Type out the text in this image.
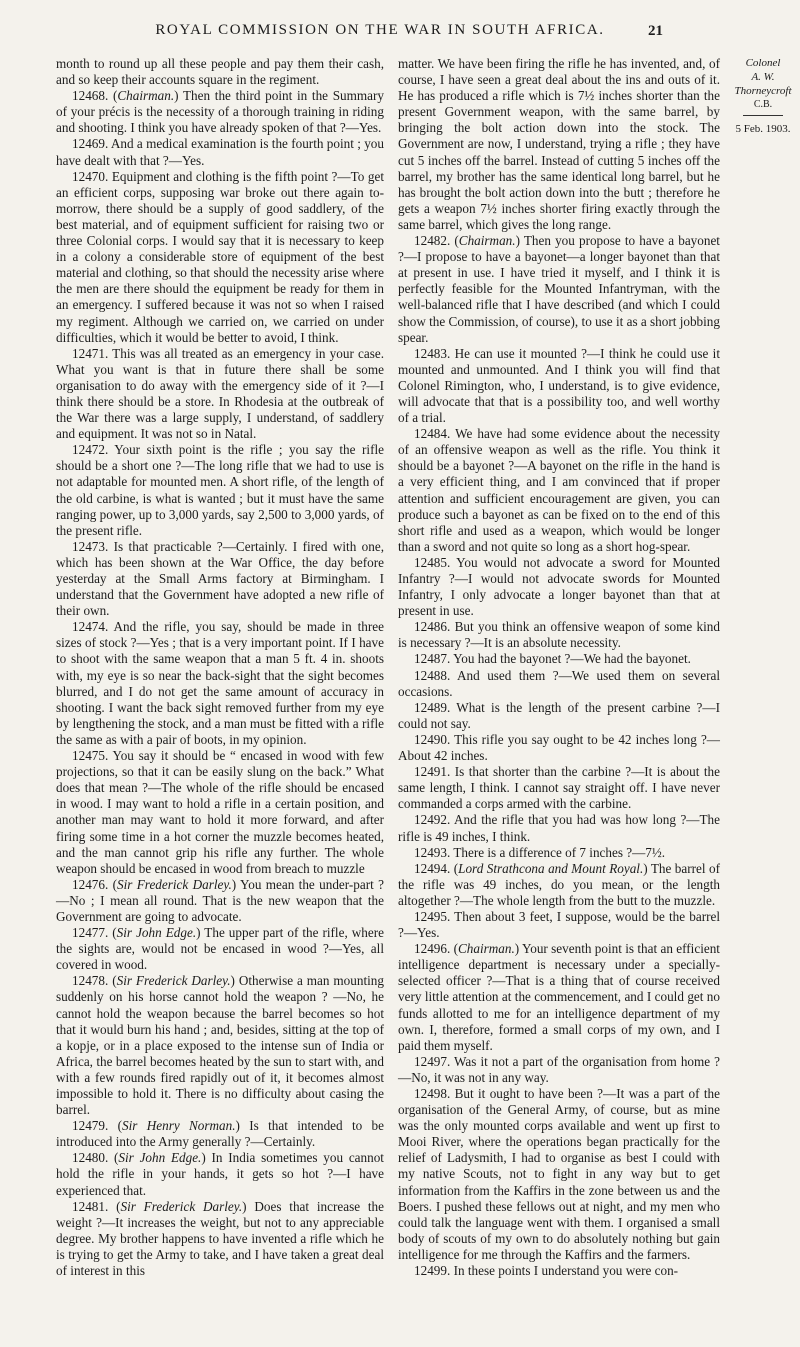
ROYAL COMMISSION ON THE WAR IN SOUTH AFRICA.	21

month to round up all these people and pay them their cash, and so keep their accounts square in the regiment.

12468. (Chairman.) Then the third point in the Summary of your précis is the necessity of a thorough training in riding and shooting. I think you have already spoken of that ?—Yes.

12469. And a medical examination is the fourth point ; you have dealt with that ?—Yes.

12470. Equipment and clothing is the fifth point ?—To get an efficient corps, supposing war broke out there again to-morrow, there should be a supply of good saddlery, of the best material, and of equipment sufficient for raising two or three Colonial corps. I would say that it is necessary to keep in a colony a considerable store of equipment of the best material and clothing, so that should the necessity arise where the men are there should the equipment be ready for them in an emergency. I suffered because it was not so when I raised my regiment. Although we carried on, we carried on under difficulties, which it would be better to avoid, I think.

12471. This was all treated as an emergency in your case. What you want is that in future there shall be some organisation to do away with the emergency side of it ?—I think there should be a store. In Rhodesia at the outbreak of the War there was a large supply, I understand, of saddlery and equipment. It was not so in Natal.

12472. Your sixth point is the rifle ; you say the rifle should be a short one ?—The long rifle that we had to use is not adaptable for mounted men. A short rifle, of the length of the old carbine, is what is wanted ; but it must have the same ranging power, up to 3,000 yards, say 2,500 to 3,000 yards, of the present rifle.

12473. Is that practicable ?—Certainly. I fired with one, which has been shown at the War Office, the day before yesterday at the Small Arms factory at Birmingham. I understand that the Government have adopted a new rifle of their own.

12474. And the rifle, you say, should be made in three sizes of stock ?—Yes ; that is a very important point. If I have to shoot with the same weapon that a man 5 ft. 4 in. shoots with, my eye is so near the back-sight that the sight becomes blurred, and I do not get the same amount of accuracy in shooting. I want the back sight removed further from my eye by lengthening the stock, and a man must be fitted with a rifle the same as with a pair of boots, in my opinion.

12475. You say it should be “ encased in wood with few projections, so that it can be easily slung on the back.” What does that mean ?—The whole of the rifle should be encased in wood. I may want to hold a rifle in a certain position, and another man may want to hold it more forward, and after firing some time in a hot corner the muzzle becomes heated, and the man cannot grip his rifle any further. The whole weapon should be encased in wood from breach to muzzle

12476. (Sir Frederick Darley.) You mean the under-part ?—No ; I mean all round. That is the new weapon that the Government are going to advocate.

12477. (Sir John Edge.) The upper part of the rifle, where the sights are, would not be encased in wood ?—Yes, all covered in wood.

12478. (Sir Frederick Darley.) Otherwise a man mounting suddenly on his horse cannot hold the weapon ? —No, he cannot hold the weapon because the barrel becomes so hot that it would burn his hand ; and, besides, sitting at the top of a kopje, or in a place exposed to the intense sun of India or Africa, the barrel becomes heated by the sun to start with, and with a few rounds fired rapidly out of it, it becomes almost impossible to hold it. There is no difficulty about casing the barrel.

12479. (Sir Henry Norman.) Is that intended to be introduced into the Army generally ?—Certainly.

12480. (Sir John Edge.) In India sometimes you cannot hold the rifle in your hands, it gets so hot ?—I have experienced that.

12481. (Sir Frederick Darley.) Does that increase the weight ?—It increases the weight, but not to any appreciable degree. My brother happens to have invented a rifle which he is trying to get the Army to take, and I have taken a great deal of interest in this

matter. We have been firing the rifle he has invented, and, of course, I have seen a great deal about the ins and outs of it. He has produced a rifle which is 7½ inches shorter than the present Government weapon, with the same barrel, by bringing the bolt action down into the stock. The Government are now, I understand, trying a rifle ; they have cut 5 inches off the barrel. Instead of cutting 5 inches off the barrel, my brother has the same identical long barrel, but he has brought the bolt action down into the butt ; therefore he gets a weapon 7½ inches shorter firing exactly through the same barrel, which gives the long range.

12482. (Chairman.) Then you propose to have a bayonet ?—I propose to have a bayonet—a longer bayonet than that at present in use. I have tried it myself, and I think it is perfectly feasible for the Mounted Infantryman, with the well-balanced rifle that I have described (and which I could show the Commission, of course), to use it as a short jobbing spear.

12483. He can use it mounted ?—I think he could use it mounted and unmounted. And I think you will find that Colonel Rimington, who, I understand, is to give evidence, will advocate that that is a possibility too, and well worthy of a trial.

12484. We have had some evidence about the necessity of an offensive weapon as well as the rifle. You think it should be a bayonet ?—A bayonet on the rifle in the hand is a very efficient thing, and I am convinced that if proper attention and sufficient encouragement are given, you can produce such a bayonet as can be fixed on to the end of this short rifle and used as a weapon, which would be longer than a sword and not quite so long as a short hog-spear.

12485. You would not advocate a sword for Mounted Infantry ?—I would not advocate swords for Mounted Infantry, I only advocate a longer bayonet than that at present in use.

12486. But you think an offensive weapon of some kind is necessary ?—It is an absolute necessity.

12487. You had the bayonet ?—We had the bayonet.

12488. And used them ?—We used them on several occasions.

12489. What is the length of the present carbine ?—I could not say.

12490. This rifle you say ought to be 42 inches long ?—About 42 inches.

12491. Is that shorter than the carbine ?—It is about the same length, I think. I cannot say straight off. I have never commanded a corps armed with the carbine.

12492. And the rifle that you had was how long ?—The rifle is 49 inches, I think.

12493. There is a difference of 7 inches ?—7½.

12494. (Lord Strathcona and Mount Royal.) The barrel of the rifle was 49 inches, do you mean, or the length altogether ?—The whole length from the butt to the muzzle.

12495. Then about 3 feet, I suppose, would be the barrel ?—Yes.

12496. (Chairman.) Your seventh point is that an efficient intelligence department is necessary under a specially-selected officer ?—That is a thing that of course received very little attention at the commencement, and I could get no funds allotted to me for an intelligence department of my own. I, therefore, formed a small corps of my own, and I paid them myself.

12497. Was it not a part of the organisation from home ?—No, it was not in any way.

12498. But it ought to have been ?—It was a part of the organisation of the General Army, of course, but as mine was the only mounted corps available and went up first to Mooi River, where the operations began practically for the relief of Ladysmith, I had to organise as best I could with my native Scouts, not to fight in any way but to get information from the Kaffirs in the zone between us and the Boers. I pushed these fellows out at night, and my men who could talk the language went with them. I organised a small body of scouts of my own to do absolutely nothing but gain intelligence for me through the Kaffirs and the farmers.

12499. In these points I understand you were con-

Colonel
A. W.
Thorneycroft
C.B.
5 Feb. 1903.
